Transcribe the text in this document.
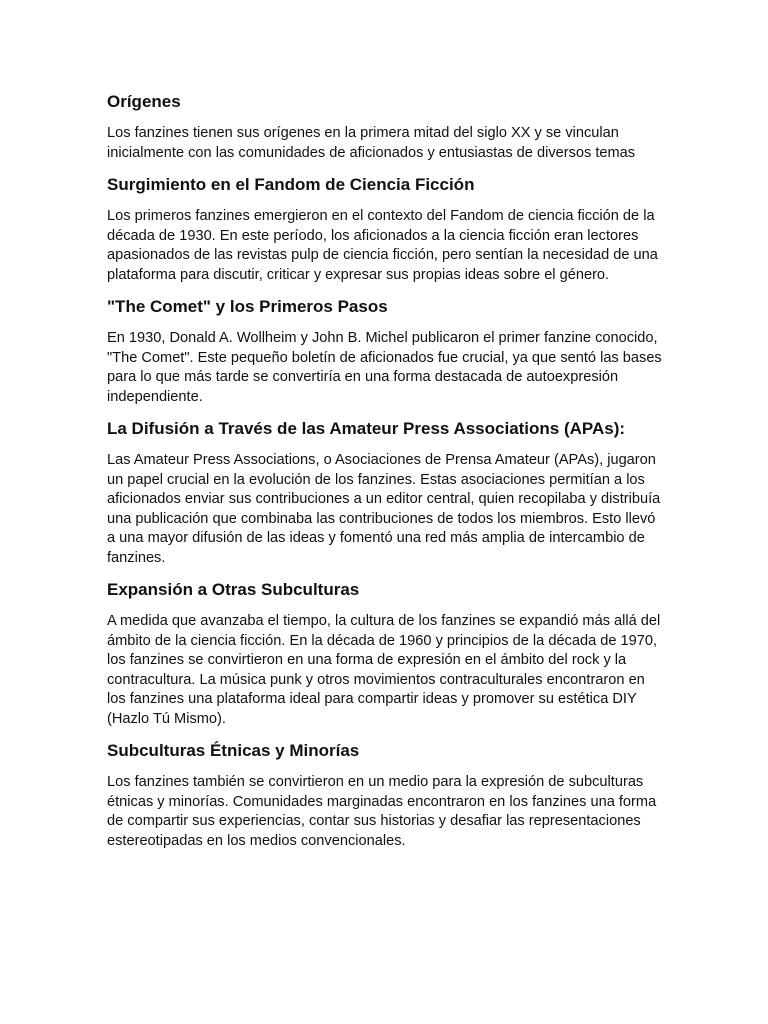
Orígenes

Los fanzines tienen sus orígenes en la primera mitad del siglo XX y se vinculan inicialmente con las comunidades de aficionados y entusiastas de diversos temas

Surgimiento en el Fandom de Ciencia Ficción

Los primeros fanzines emergieron en el contexto del Fandom de ciencia ficción de la década de 1930. En este período, los aficionados a la ciencia ficción eran lectores apasionados de las revistas pulp de ciencia ficción, pero sentían la necesidad de una plataforma para discutir, criticar y expresar sus propias ideas sobre el género.

"The Comet" y los Primeros Pasos

En 1930, Donald A. Wollheim y John B. Michel publicaron el primer fanzine conocido, "The Comet". Este pequeño boletín de aficionados fue crucial, ya que sentó las bases para lo que más tarde se convertiría en una forma destacada de autoexpresión independiente.

La Difusión a Través de las Amateur Press Associations (APAs):

Las Amateur Press Associations, o Asociaciones de Prensa Amateur (APAs), jugaron un papel crucial en la evolución de los fanzines. Estas asociaciones permitían a los aficionados enviar sus contribuciones a un editor central, quien recopilaba y distribuía una publicación que combinaba las contribuciones de todos los miembros. Esto llevó a una mayor difusión de las ideas y fomentó una red más amplia de intercambio de fanzines.

Expansión a Otras Subculturas

A medida que avanzaba el tiempo, la cultura de los fanzines se expandió más allá del ámbito de la ciencia ficción. En la década de 1960 y principios de la década de 1970, los fanzines se convirtieron en una forma de expresión en el ámbito del rock y la contracultura. La música punk y otros movimientos contraculturales encontraron en los fanzines una plataforma ideal para compartir ideas y promover su estética DIY (Hazlo Tú Mismo).

Subculturas Étnicas y Minorías

Los fanzines también se convirtieron en un medio para la expresión de subculturas étnicas y minorías. Comunidades marginadas encontraron en los fanzines una forma de compartir sus experiencias, contar sus historias y desafiar las representaciones estereotipadas en los medios convencionales.
